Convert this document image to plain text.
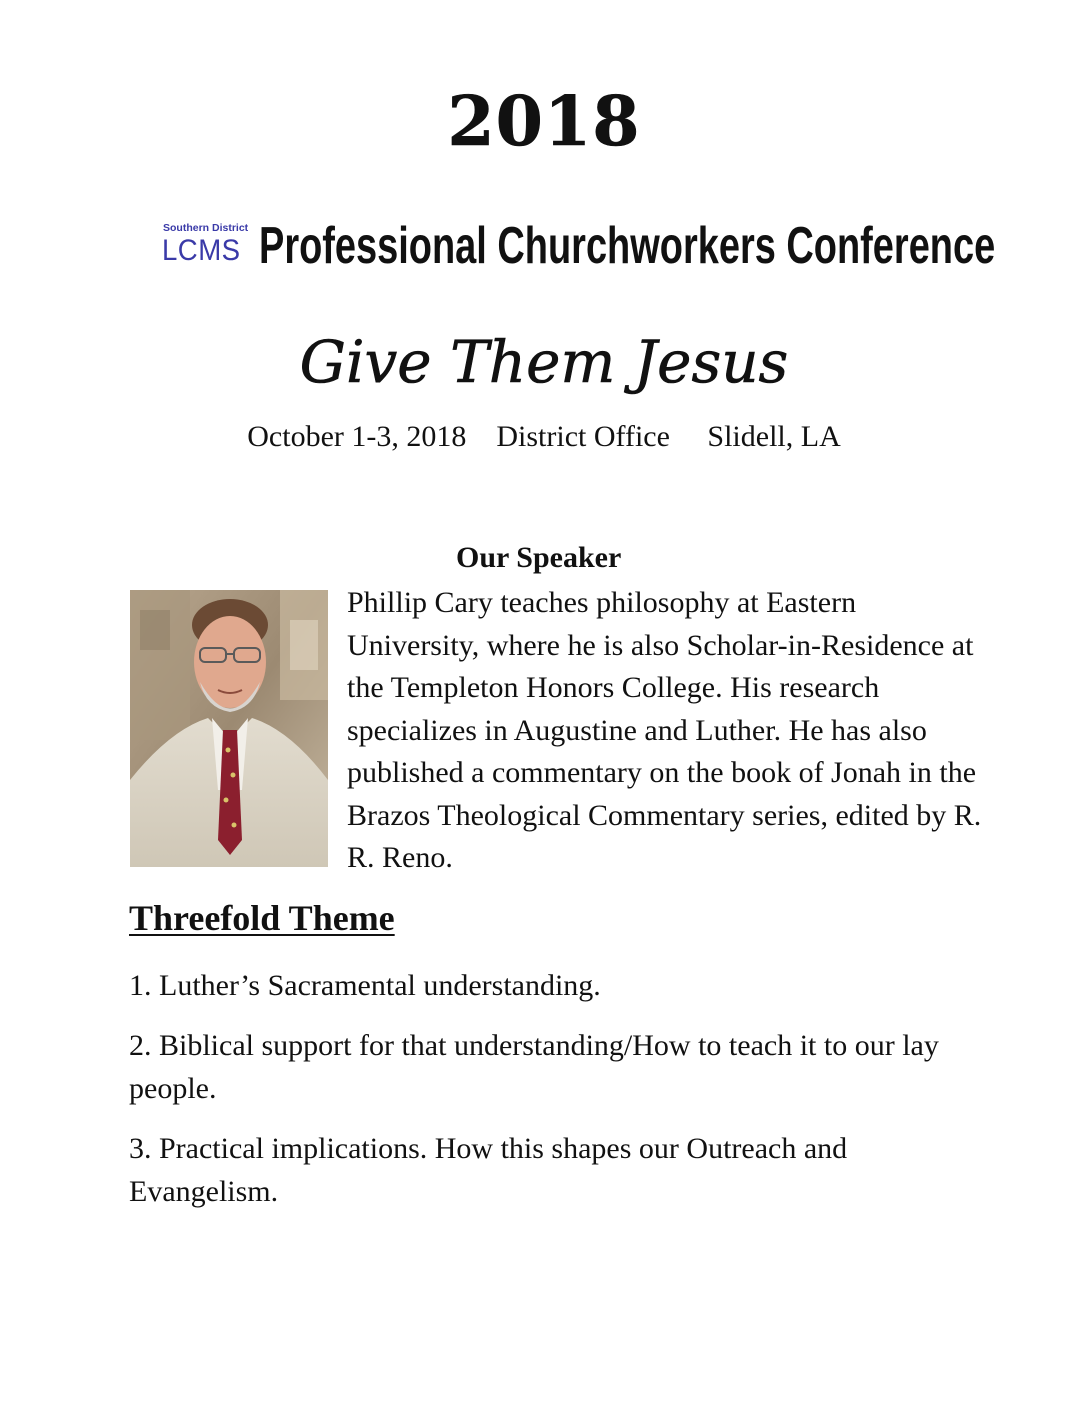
2018
Southern District
LCMS Professional Churchworkers Conference
Give Them Jesus
October 1-3, 2018    District Office     Slidell, LA
Our Speaker
Phillip Cary teaches philosophy at Eastern University, where he is also Scholar-in-Residence at the Templeton Honors College. His research specializes in Augustine and Luther. He has also published a commentary on the book of Jonah in the Brazos Theological Commentary series, edited by R. R. Reno.
Threefold Theme
1. Luther’s Sacramental understanding.
2. Biblical support for that understanding/How to teach it to our lay people.
3. Practical implications. How this shapes our Outreach and Evangelism.
